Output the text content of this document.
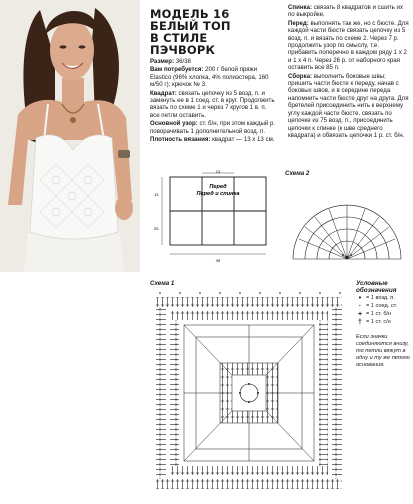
МОДЕЛЬ 16
БЕЛЫЙ ТОП
В СТИЛЕ ПЭЧВОРК

Размер: 36/38

Вам потребуется: 200 г белой пряжи Elastico (96% хлопка, 4% полиэстера, 160 м/50 г); крючок № 3.

Квадрат: связать цепочку из 5 возд. п. и замкнуть ее в 1 соед. ст. в круг. Продолжить вязать по схеме 1 и через 7 кругов 1 в. п. все петли оставить.

Основной узор: ст. б/н, при этом каждый р. поворачивать 1 дополнительной возд. п.

Плотность вязания: квадрат — 13 х 13 см.

Спинка: связать 8 квадратов и сшить их по выкройке.

Перед: выполнять так же, но с бюсте. Для каждой части бюсте связать цепочку из 5 возд. п. и вязать по схеме 2. Через 7 р. продолжить узор по смыслу, т.е. прибавить поперечно в каждом ряду 1 х 2 и 1 х 4 п. Через 26 р. от наборного края оставить все 85 п.

Сборка: выполнить боковые швы; пришить части бюсте к переду, начав с боковых швов, и в середине переда напомнить части бюсте друг на друга. Для бретелей присоединить нить к верхнему углу каждой части бюсте, связать по цепочке из 75 возд. п., присоединить цепочки к спинке (к шве среднего квадрата) и обвязать цепочки 1 р. ст. б/н.

Перед
Перед и спинка
13
13
25
39
Схема 2
Схема 1	Условные обозначения
• = 1 возд. п.
· = 1 соед. ст.
+ = 1 ст. б/н
† = 1 ст. с/н
Если значки соединяются внизу, то петли вяжут в одну и ту же петлю основания.
